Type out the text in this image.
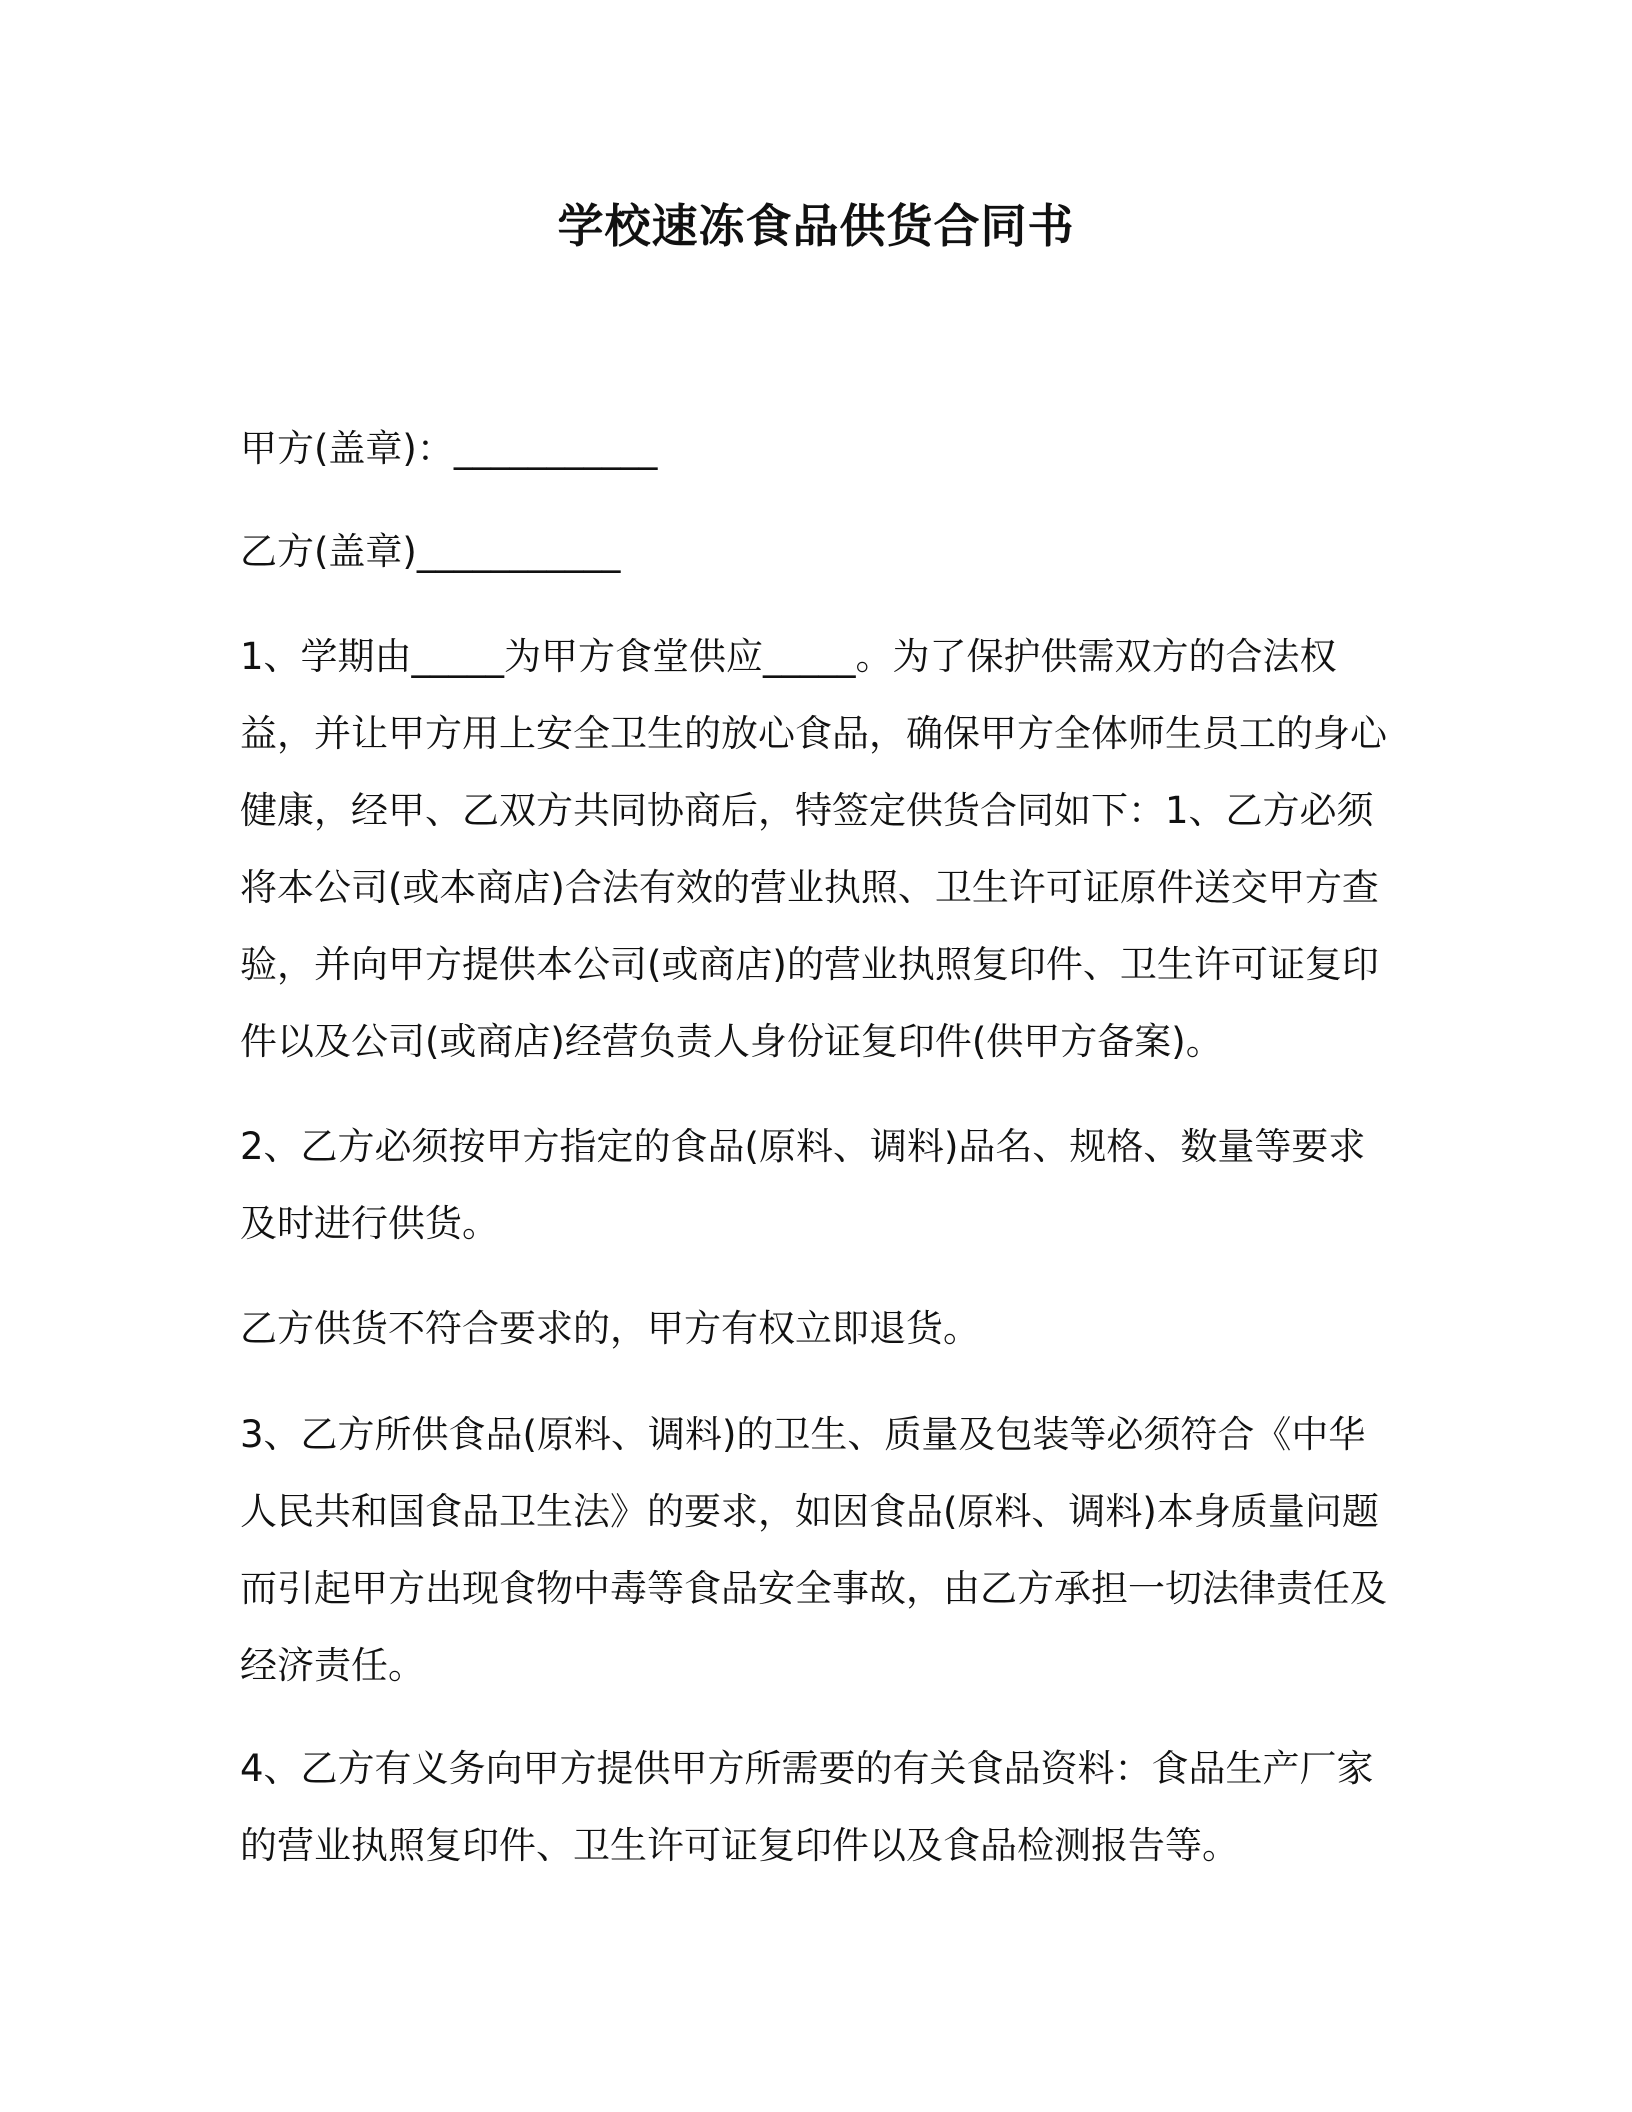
学校速冻食品供货合同书

甲方(盖章)：___________

乙方(盖章)___________

1、学期由_____为甲方食堂供应_____。为了保护供需双方的合法权益，并让甲方用上安全卫生的放心食品，确保甲方全体师生员工的身心健康，经甲、乙双方共同协商后，特签定供货合同如下：1、乙方必须将本公司(或本商店)合法有效的营业执照、卫生许可证原件送交甲方查验，并向甲方提供本公司(或商店)的营业执照复印件、卫生许可证复印件以及公司(或商店)经营负责人身份证复印件(供甲方备案)。

2、乙方必须按甲方指定的食品(原料、调料)品名、规格、数量等要求及时进行供货。

乙方供货不符合要求的，甲方有权立即退货。

3、乙方所供食品(原料、调料)的卫生、质量及包装等必须符合《中华人民共和国食品卫生法》的要求，如因食品(原料、调料)本身质量问题而引起甲方出现食物中毒等食品安全事故，由乙方承担一切法律责任及经济责任。

4、乙方有义务向甲方提供甲方所需要的有关食品资料：食品生产厂家的营业执照复印件、卫生许可证复印件以及食品检测报告等。
